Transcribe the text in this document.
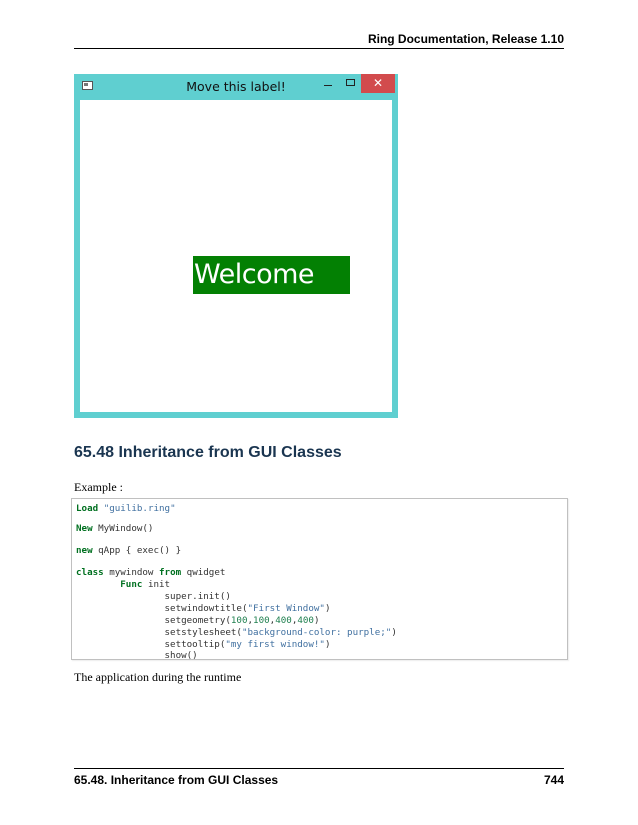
Ring Documentation, Release 1.10
Move this label!	✕
Welcome
65.48 Inheritance from GUI Classes
Example :
Load "guilib.ring"
New MyWindow()
new qApp { exec() }
class mywindow from qwidget
Func init
super.init()
setwindowtitle("First Window")
setgeometry(100,100,400,400)
setstylesheet("background-color: purple;")
settooltip("my first window!")
show()
The application during the runtime
65.48. Inheritance from GUI Classes	744
